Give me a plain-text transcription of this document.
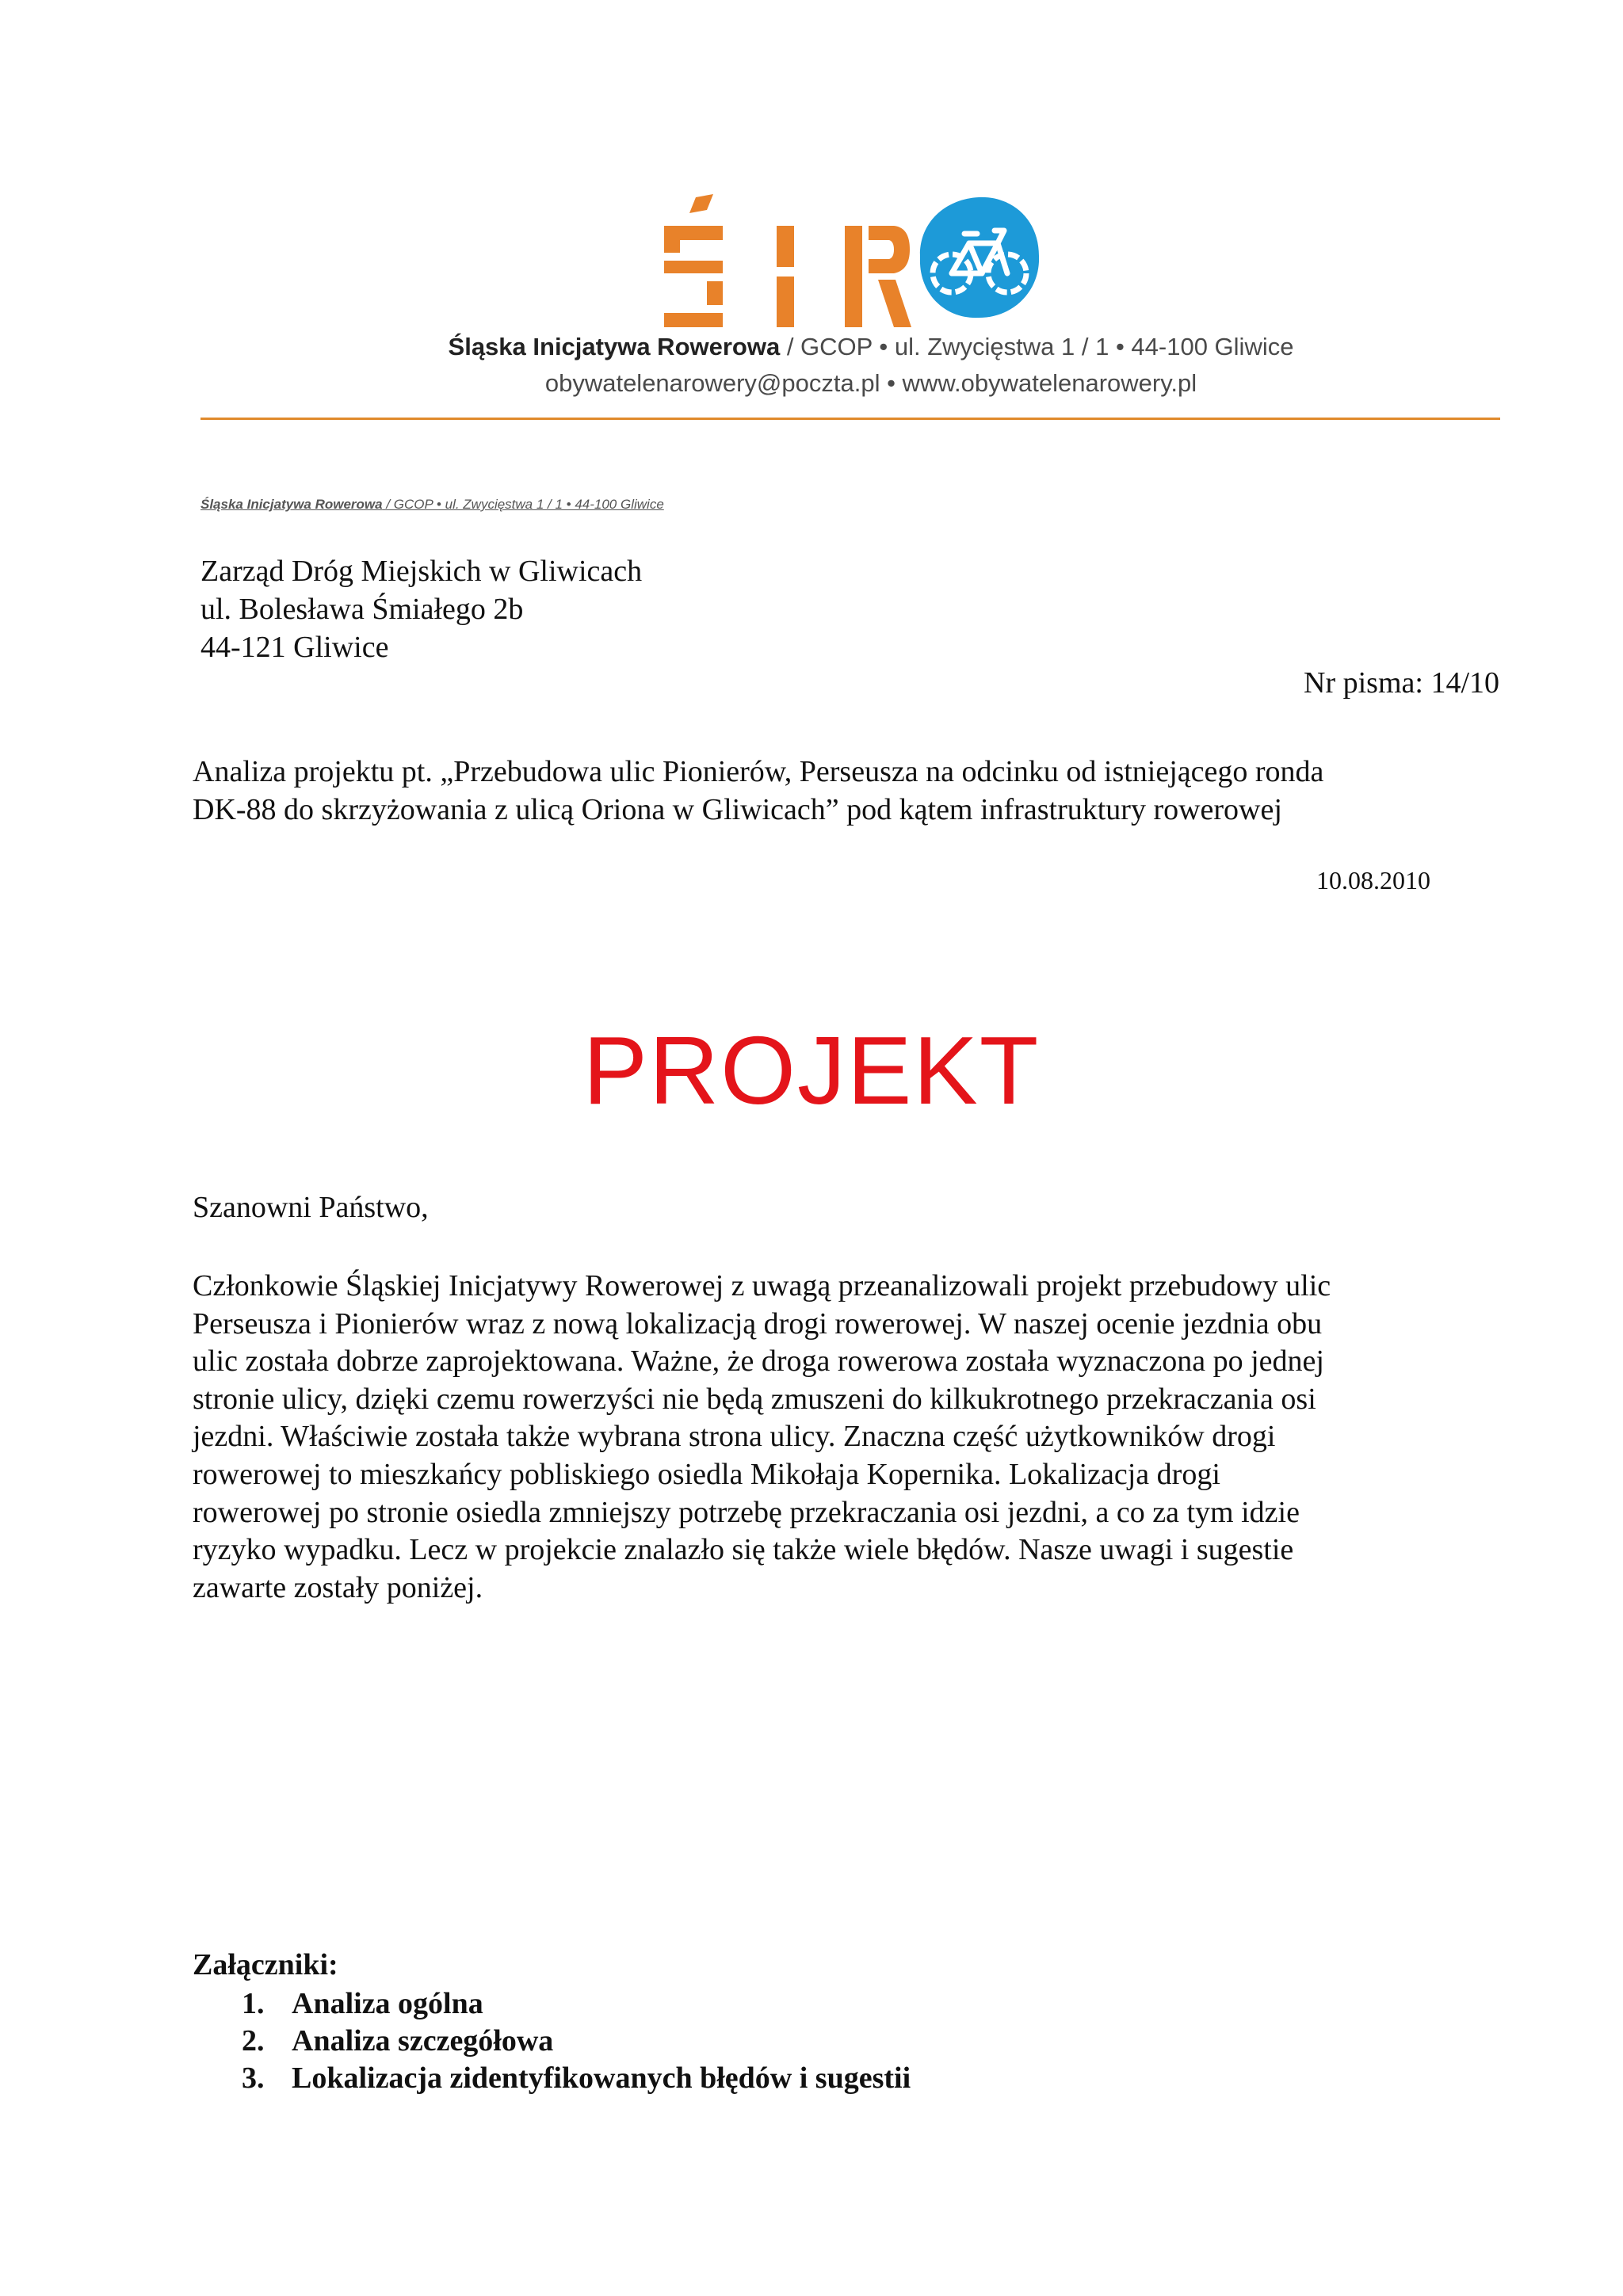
Śląska Inicjatywa Rowerowa / GCOP • ul. Zwycięstwa 1 / 1 • 44-100 Gliwice
obywatelenarowery@poczta.pl • www.obywatelenarowery.pl
Śląska Inicjatywa Rowerowa / GCOP • ul. Zwycięstwa 1 / 1 • 44-100 Gliwice
Zarząd Dróg Miejskich w Gliwicach
ul. Bolesława Śmiałego 2b
44-121 Gliwice
Nr pisma: 14/10
Analiza projektu pt. „Przebudowa ulic Pionierów, Perseusza na odcinku od istniejącego ronda
DK-88 do skrzyżowania z ulicą Oriona w Gliwicach” pod kątem infrastruktury rowerowej
10.08.2010
PROJEKT
Szanowni Państwo,
Członkowie Śląskiej Inicjatywy Rowerowej z uwagą przeanalizowali projekt przebudowy ulic
Perseusza i Pionierów wraz z nową lokalizacją drogi rowerowej. W naszej ocenie jezdnia obu
ulic została dobrze zaprojektowana. Ważne, że droga rowerowa została wyznaczona po jednej
stronie ulicy, dzięki czemu rowerzyści nie będą zmuszeni do kilkukrotnego przekraczania osi
jezdni. Właściwie została także wybrana strona ulicy. Znaczna część użytkowników drogi
rowerowej to mieszkańcy pobliskiego osiedla Mikołaja Kopernika. Lokalizacja drogi
rowerowej po stronie osiedla zmniejszy potrzebę przekraczania osi jezdni, a co za tym idzie
ryzyko wypadku. Lecz w projekcie znalazło się także wiele błędów. Nasze uwagi i sugestie
zawarte zostały poniżej.
Załączniki:
1. Analiza ogólna
2. Analiza szczegółowa
3. Lokalizacja zidentyfikowanych błędów i sugestii
